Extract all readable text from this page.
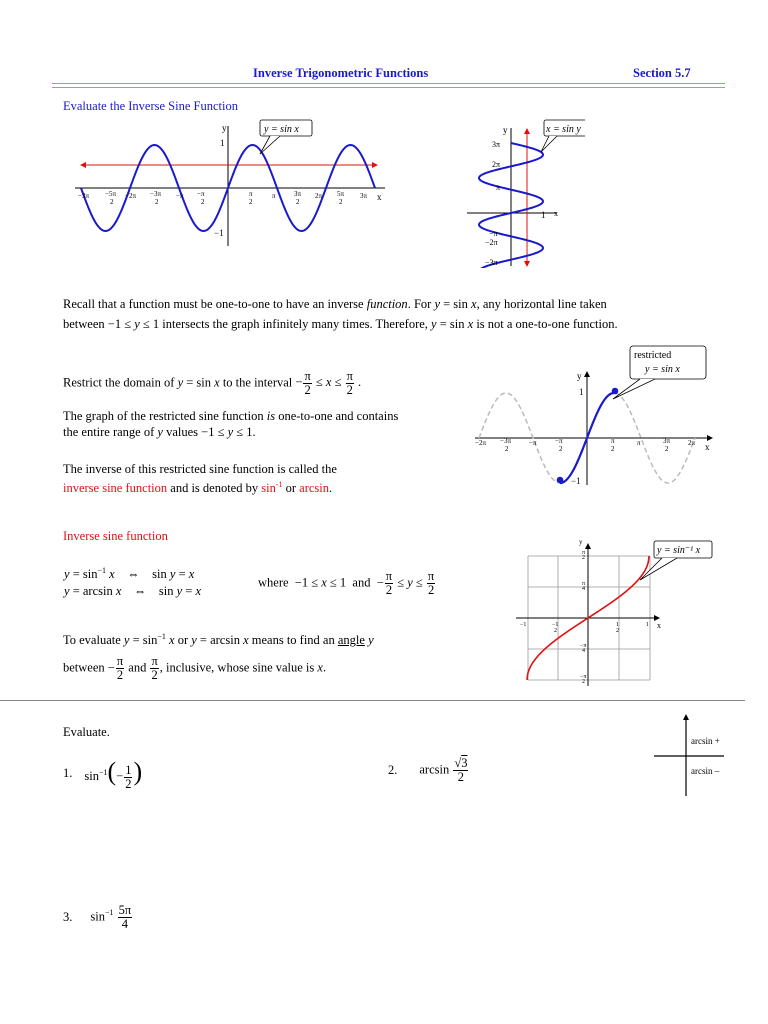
Inverse Trigonometric Functions	Section 5.7
Evaluate the Inverse Sine Function
y
1
−1
x
−3π −5π
2
−2π −3π
2
−π −π
2
π
2
π	3π
2
2π 5π
2
3π
y = sin x	y
x
1
3π
2π
π
−π
−2π
−3π
x = sin y
Recall that a function must be one-to-one to have an inverse function. For y = sin x, any horizontal line taken
between −1 ≤ y ≤ 1 intersects the graph infinitely many times. Therefore, y = sin x is not a one-to-one function.
Restrict the domain of y = sin x to the interval − $\frac{\pi}{2} \le x \le \frac{\pi}{2}$ .
The graph of the restricted sine function is one-to-one and contains
the entire range of y values −1 ≤ y ≤ 1.
The inverse of this restricted sine function is called the
inverse sine function and is denoted by $\sin^{-1}$ or arcsin.
y
1
−1
x
−2π −3π
2
−π	−π
2
π
2
π	3π
2
2π
restricted
y = sin x
Inverse sine function
$y = \sin^{-1} x$    ⇔    sin y = x
y = arcsin x    ⇔    sin y = x
where  −1 ≤ x ≤ 1  and  − $\frac{\pi}{2} \le y \le \frac{\pi}{2}$
To evaluate $y = \sin^{-1} x$ or y = arcsin x means to find an angle y
between − $\frac{\pi}{2}$ and $\frac{\pi}{2}$ , inclusive, whose sine value is x.
y
x
−1	−1
2
1
2
1
π
2
π
4
−π
4
−π
2
y = sin⁻¹ x
Evaluate.
1. $\sin^{-1}(- \frac{1}{2}$ )	2. $\arcsin \frac{√3}{2}$
3. $\sin^{-1} \frac{5\pi}{4}$
arcsin +
arcsin –
